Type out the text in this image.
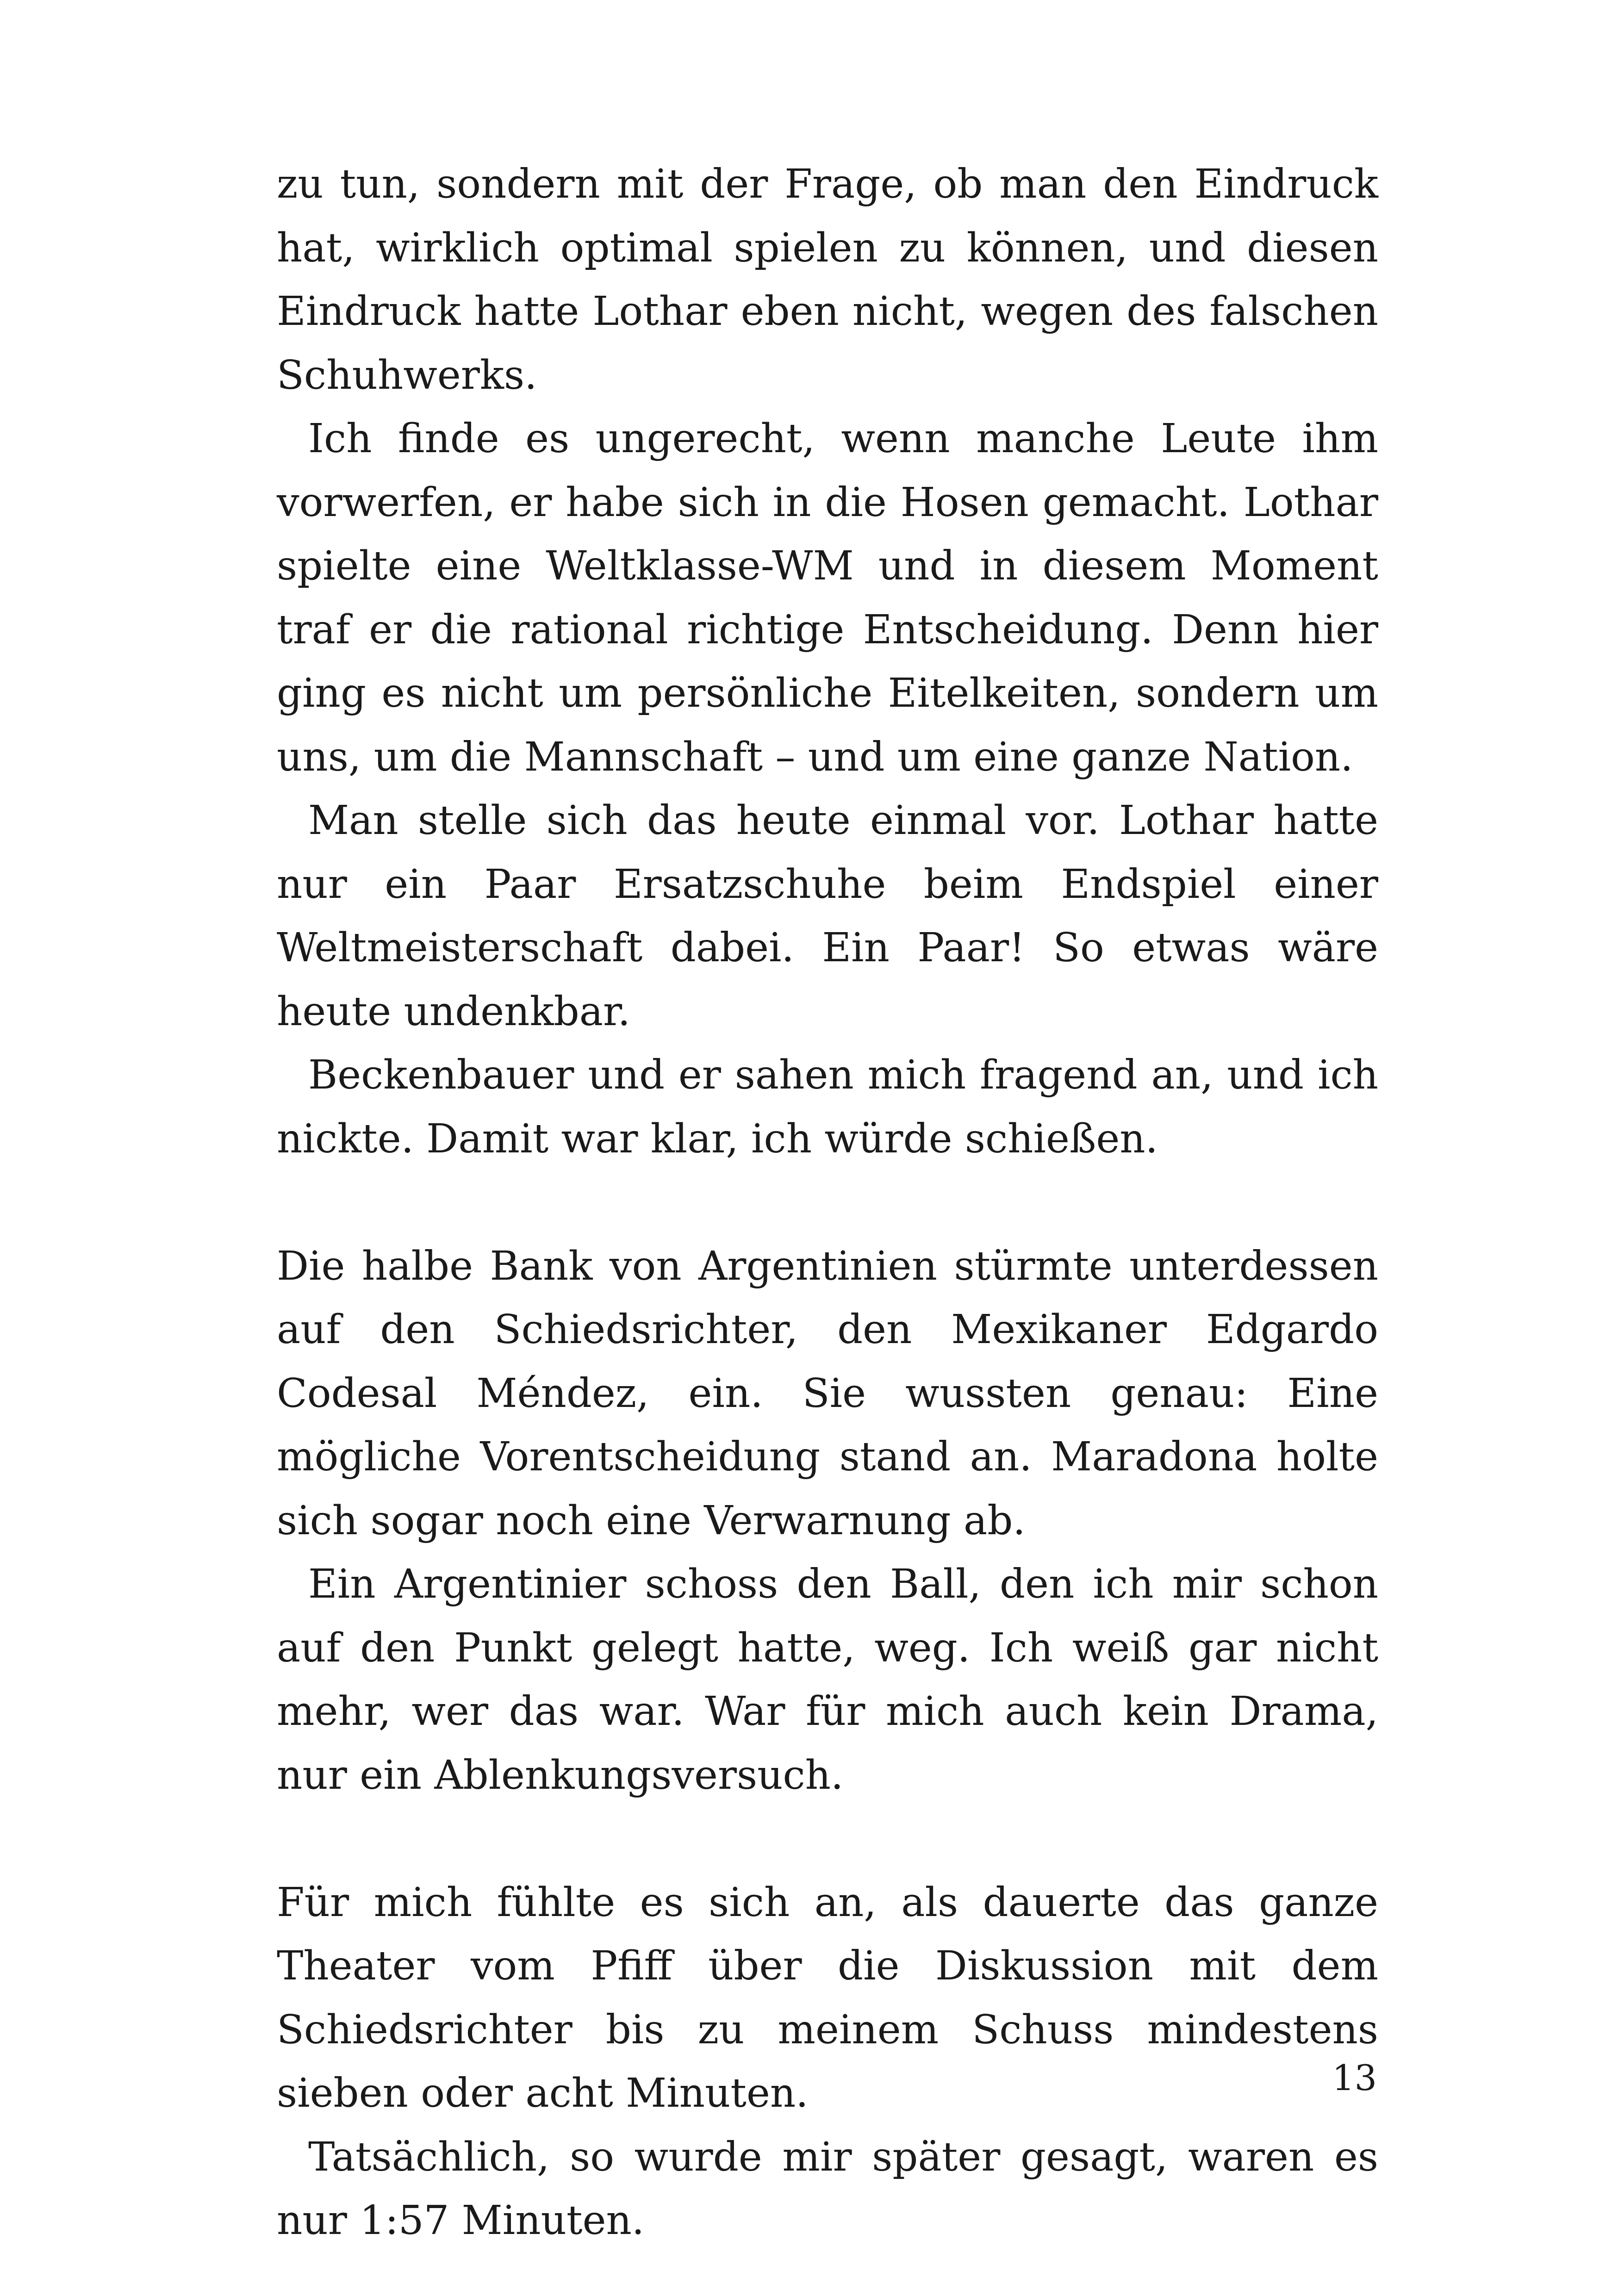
zu tun, sondern mit der Frage, ob man den Eindruck hat, wirklich optimal spielen zu können, und diesen Eindruck hatte Lothar eben nicht, wegen des falschen Schuhwerks.

Ich finde es ungerecht, wenn manche Leute ihm vorwerfen, er habe sich in die Hosen gemacht. Lothar spielte eine Weltklasse-WM und in diesem Moment traf er die rational richtige Entscheidung. Denn hier ging es nicht um persönliche Eitelkeiten, sondern um uns, um die Mannschaft – und um eine ganze Nation.

Man stelle sich das heute einmal vor. Lothar hatte nur ein Paar Ersatzschuhe beim Endspiel einer Weltmeisterschaft dabei. Ein Paar! So etwas wäre heute undenkbar.

Beckenbauer und er sahen mich fragend an, und ich nickte. Damit war klar, ich würde schießen.

Die halbe Bank von Argentinien stürmte unterdessen auf den Schiedsrichter, den Mexikaner Edgardo Codesal Méndez, ein. Sie wussten genau: Eine mögliche Vorentscheidung stand an. Maradona holte sich sogar noch eine Verwarnung ab.

Ein Argentinier schoss den Ball, den ich mir schon auf den Punkt gelegt hatte, weg. Ich weiß gar nicht mehr, wer das war. War für mich auch kein Drama, nur ein Ablenkungsversuch.

Für mich fühlte es sich an, als dauerte das ganze Theater vom Pfiff über die Diskussion mit dem Schiedsrichter bis zu meinem Schuss mindestens sieben oder acht Minuten.

Tatsächlich, so wurde mir später gesagt, waren es nur 1:57 Minuten.

13
